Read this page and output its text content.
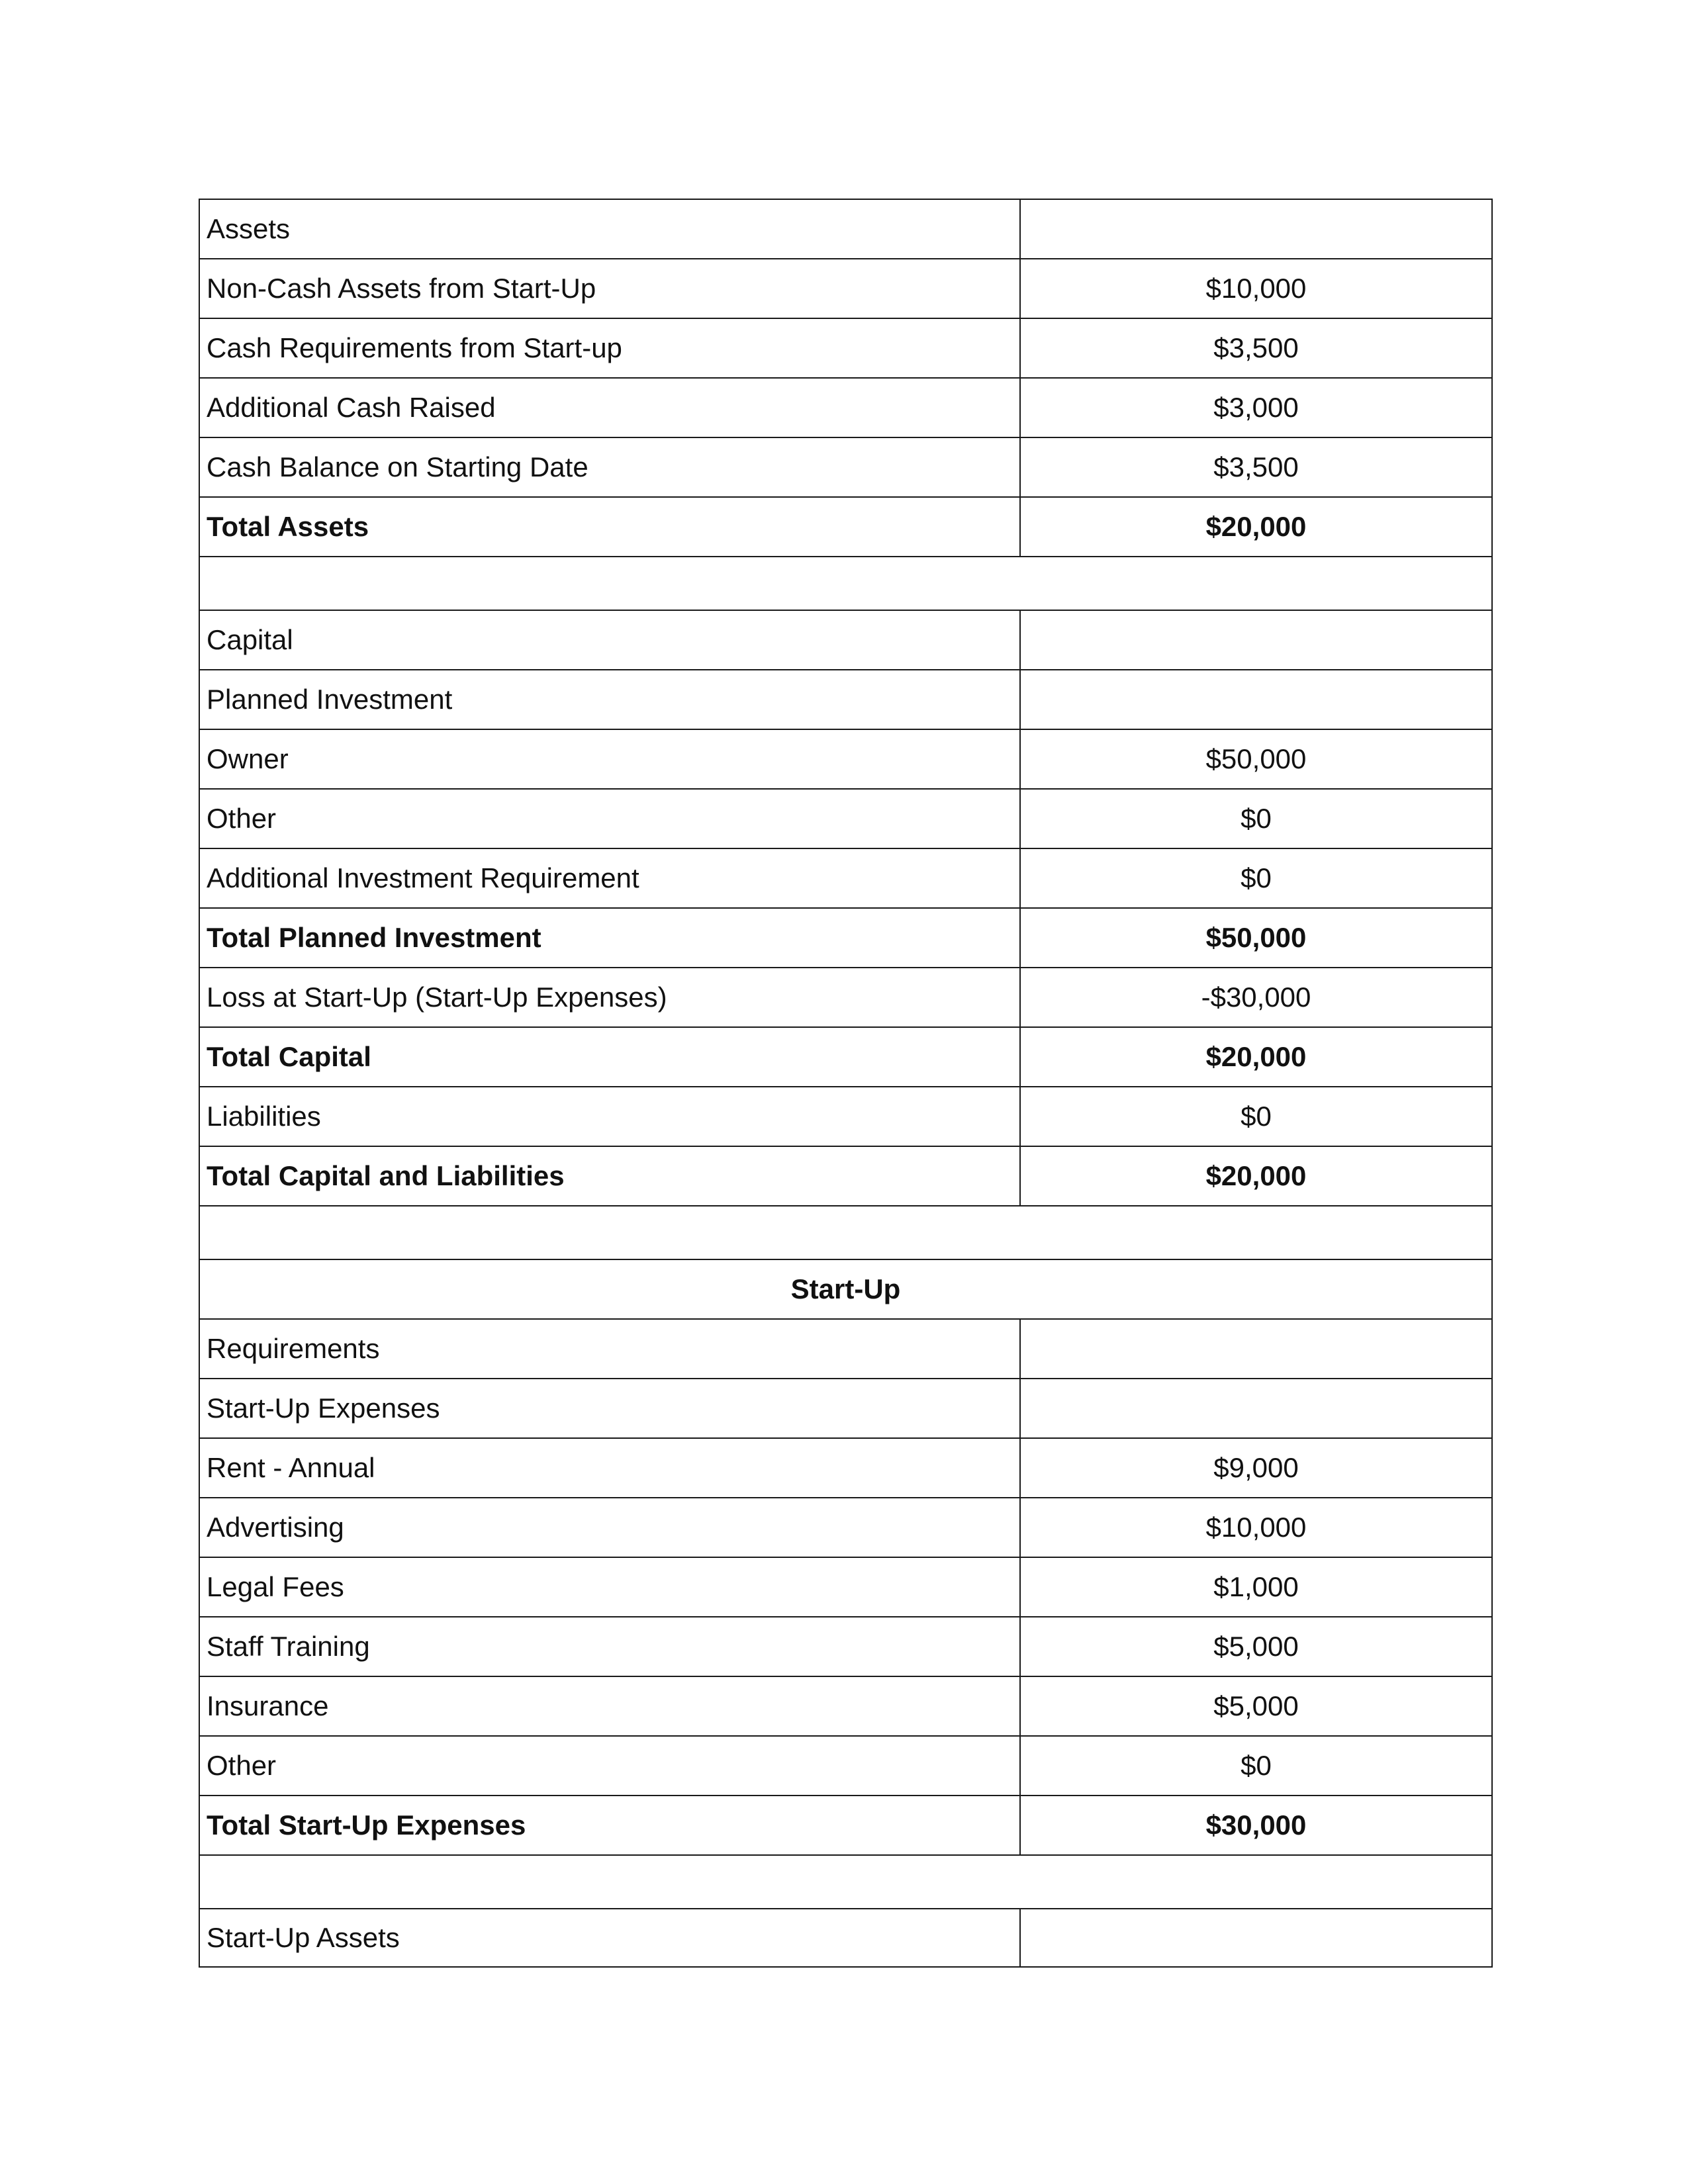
Assets
Non-Cash Assets from Start-Up	$10,000
Cash Requirements from Start-up	$3,500
Additional Cash Raised	$3,000
Cash Balance on Starting Date	$3,500
Total Assets	$20,000
Capital
Planned Investment
Owner	$50,000
Other	$0
Additional Investment Requirement	$0
Total Planned Investment	$50,000
Loss at Start-Up (Start-Up Expenses)	-$30,000
Total Capital	$20,000
Liabilities	$0
Total Capital and Liabilities	$20,000
Start-Up
Requirements
Start-Up Expenses
Rent - Annual	$9,000
Advertising	$10,000
Legal Fees	$1,000
Staff Training	$5,000
Insurance	$5,000
Other	$0
Total Start-Up Expenses	$30,000
Start-Up Assets
